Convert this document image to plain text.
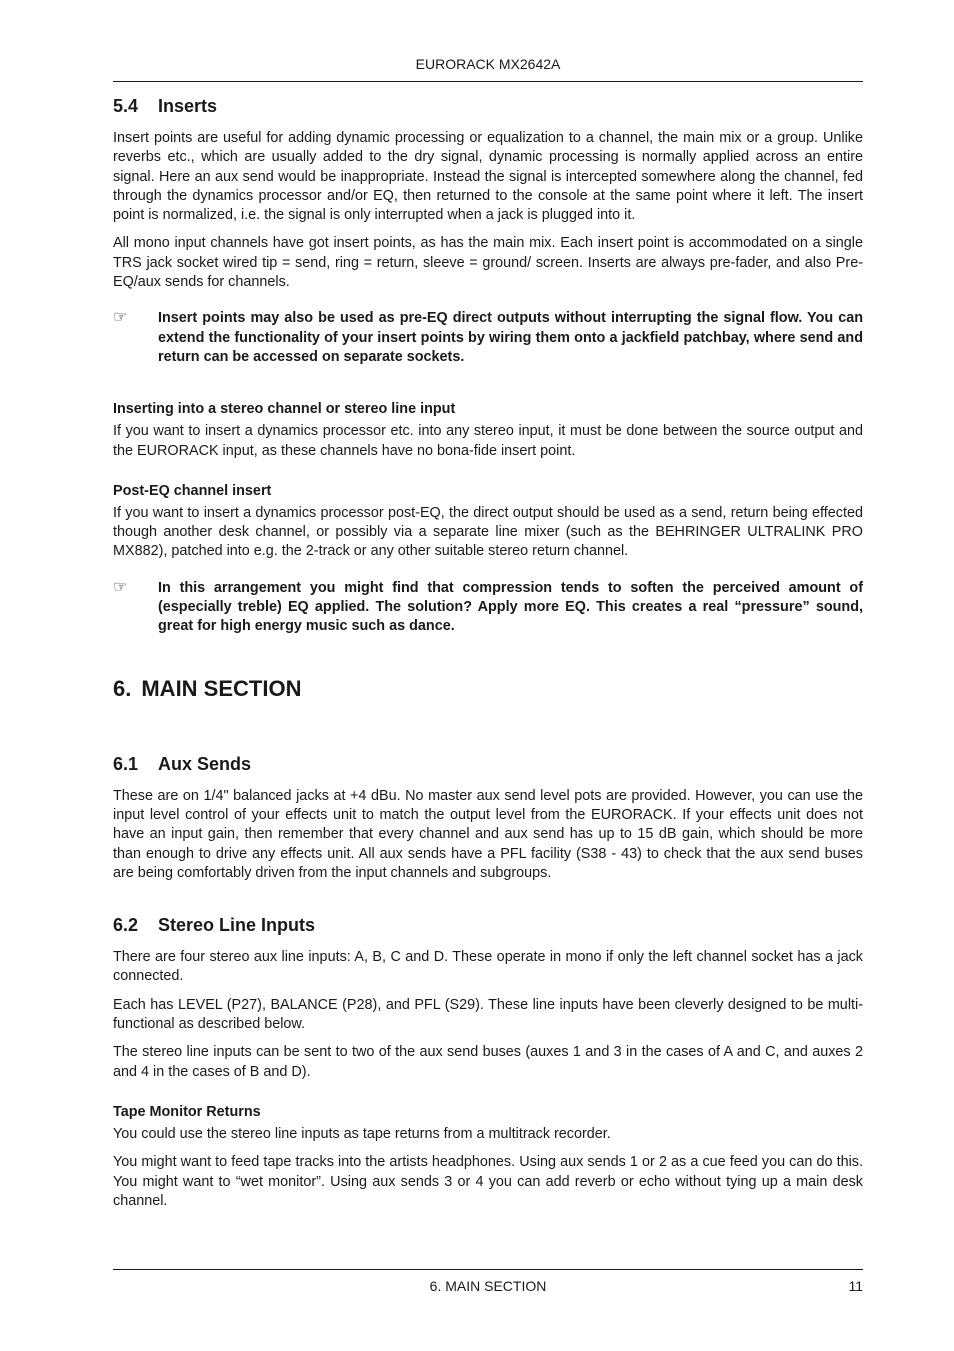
EURORACK MX2642A
5.4 Inserts

Insert points are useful for adding dynamic processing or equalization to a channel, the main mix or a group. Unlike reverbs etc., which are usually added to the dry signal, dynamic processing is normally applied across an entire signal. Here an aux send would be inappropriate. Instead the signal is intercepted somewhere along the channel, fed through the dynamics processor and/or EQ, then returned to the console at the same point where it left. The insert point is normalized, i.e. the signal is only interrupted when a jack is plugged into it.

All mono input channels have got insert points, as has the main mix. Each insert point is accommodated on a single TRS jack socket wired tip = send, ring = return, sleeve = ground/ screen. Inserts are always pre-fader, and also Pre-EQ/aux sends for channels.

☞ Insert points may also be used as pre-EQ direct outputs without interrupting the signal flow. You can extend the functionality of your insert points by wiring them onto a jackfield patchbay, where send and return can be accessed on separate sockets.

Inserting into a stereo channel or stereo line input

If you want to insert a dynamics processor etc. into any stereo input, it must be done between the source output and the EURORACK input, as these channels have no bona-fide insert point.

Post-EQ channel insert

If you want to insert a dynamics processor post-EQ, the direct output should be used as a send, return being effected though another desk channel, or possibly via a separate line mixer (such as the BEHRINGER ULTRALINK PRO MX882), patched into e.g. the 2-track or any other suitable stereo return channel.

☞ In this arrangement you might find that compression tends to soften the perceived amount of (especially treble) EQ applied. The solution? Apply more EQ. This creates a real “pressure” sound, great for high energy music such as dance.

6. MAIN SECTION
6.1 Aux Sends

These are on 1/4" balanced jacks at +4 dBu. No master aux send level pots are provided. However, you can use the input level control of your effects unit to match the output level from the EURORACK. If your effects unit does not have an input gain, then remember that every channel and aux send has up to 15 dB gain, which should be more than enough to drive any effects unit. All aux sends have a PFL facility (S38 - 43) to check that the aux send buses are being comfortably driven from the input channels and subgroups.

6.2 Stereo Line Inputs

There are four stereo aux line inputs: A, B, C and D. These operate in mono if only the left channel socket has a jack connected.

Each has LEVEL (P27), BALANCE (P28), and PFL (S29). These line inputs have been cleverly designed to be multi-functional as described below.

The stereo line inputs can be sent to two of the aux send buses (auxes 1 and 3 in the cases of A and C, and auxes 2 and 4 in the cases of B and D).

Tape Monitor Returns

You could use the stereo line inputs as tape returns from a multitrack recorder.

You might want to feed tape tracks into the artists headphones. Using aux sends 1 or 2 as a cue feed you can do this. You might want to “wet monitor”. Using aux sends 3 or 4 you can add reverb or echo without tying up a main desk channel.

6. MAIN SECTION	11
